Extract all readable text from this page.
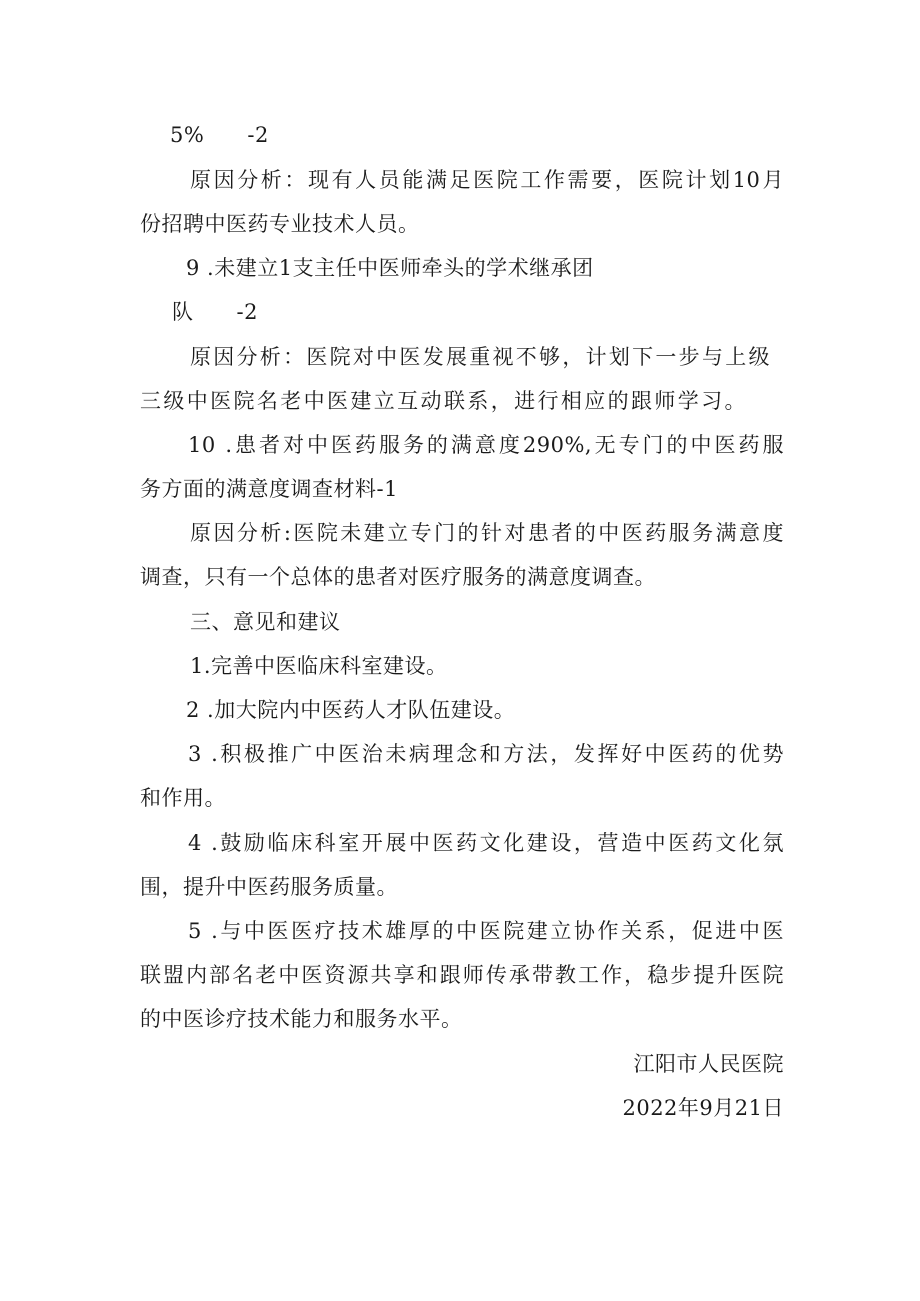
5%      -2
原因分析：现有人员能满足医院工作需要，医院计划10月
份招聘中医药专业技术人员。
9 .未建立1支主任中医师牵头的学术继承团
队      -2
原因分析：医院对中医发展重视不够，计划下一步与上级
三级中医院名老中医建立互动联系，进行相应的跟师学习。
10 .患者对中医药服务的满意度290%,无专门的中医药服
务方面的满意度调查材料-1
原因分析:医院未建立专门的针对患者的中医药服务满意度
调查，只有一个总体的患者对医疗服务的满意度调查。
三、意见和建议
1.完善中医临床科室建设。
2 .加大院内中医药人才队伍建设。
3 .积极推广中医治未病理念和方法，发挥好中医药的优势
和作用。
4 .鼓励临床科室开展中医药文化建设，营造中医药文化氛
围，提升中医药服务质量。
5 .与中医医疗技术雄厚的中医院建立协作关系，促进中医
联盟内部名老中医资源共享和跟师传承带教工作，稳步提升医院
的中医诊疗技术能力和服务水平。
江阳市人民医院
2022年9月21日
